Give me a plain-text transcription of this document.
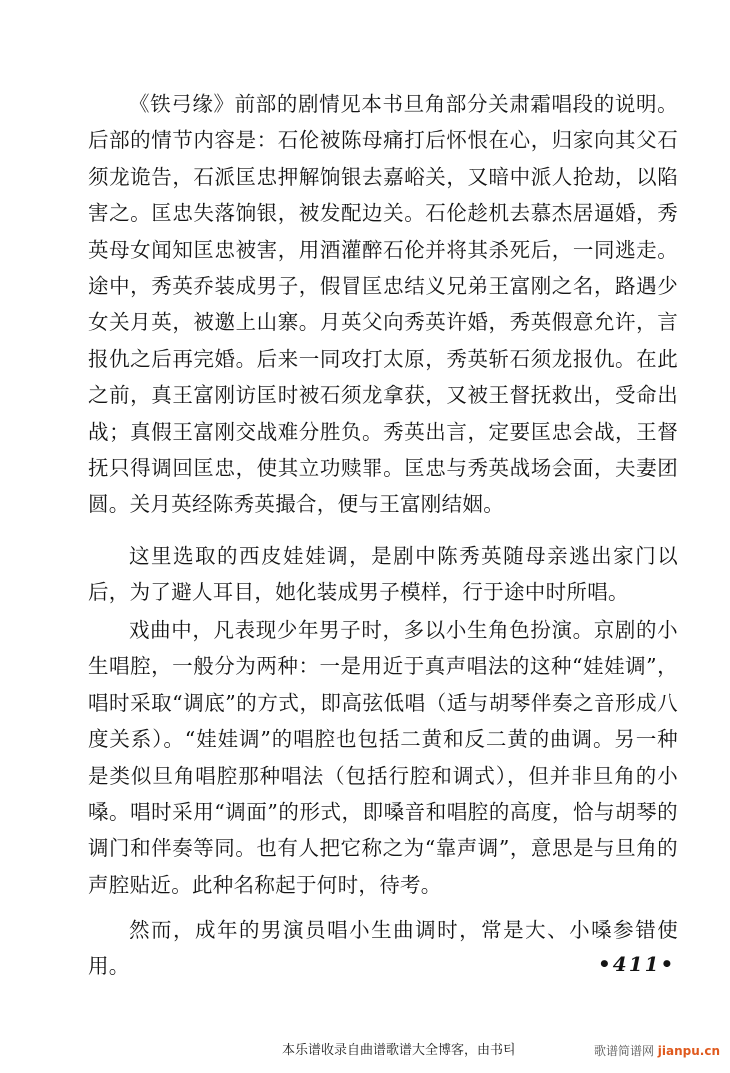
《铁弓缘》前部的剧情见本书旦角部分关肃霜唱段的说明。后部的情节内容是：石伦被陈母痛打后怀恨在心，归家向其父石须龙诡告，石派匡忠押解饷银去嘉峪关，又暗中派人抢劫，以陷害之。匡忠失落饷银，被发配边关。石伦趁机去慕杰居逼婚，秀英母女闻知匡忠被害，用酒灌醉石伦并将其杀死后，一同逃走。途中，秀英乔装成男子，假冒匡忠结义兄弟王富刚之名，路遇少女关月英，被邀上山寨。月英父向秀英许婚，秀英假意允许，言报仇之后再完婚。后来一同攻打太原，秀英斩石须龙报仇。在此之前，真王富刚访匡时被石须龙拿获，又被王督抚救出，受命出战；真假王富刚交战难分胜负。秀英出言，定要匡忠会战，王督抚只得调回匡忠，使其立功赎罪。匡忠与秀英战场会面，夫妻团圆。关月英经陈秀英撮合，便与王富刚结姻。

这里选取的西皮娃娃调，是剧中陈秀英随母亲逃出家门以后，为了避人耳目，她化装成男子模样，行于途中时所唱。

戏曲中，凡表现少年男子时，多以小生角色扮演。京剧的小生唱腔，一般分为两种：一是用近于真声唱法的这种“娃娃调”，唱时采取“调底”的方式，即高弦低唱（适与胡琴伴奏之音形成八度关系）。“娃娃调”的唱腔也包括二黄和反二黄的曲调。另一种是类似旦角唱腔那种唱法（包括行腔和调式），但并非旦角的小嗓。唱时采用“调面”的形式，即嗓音和唱腔的高度，恰与胡琴的调门和伴奏等同。也有人把它称之为“靠声调”，意思是与旦角的声腔贴近。此种名称起于何时，待考。

然而，成年的男演员唱小生曲调时，常是大、小嗓参错使用。	•411•
本乐谱收录自曲谱歌谱大全博客，由书티	歌谱简谱网 jianpu.cn
